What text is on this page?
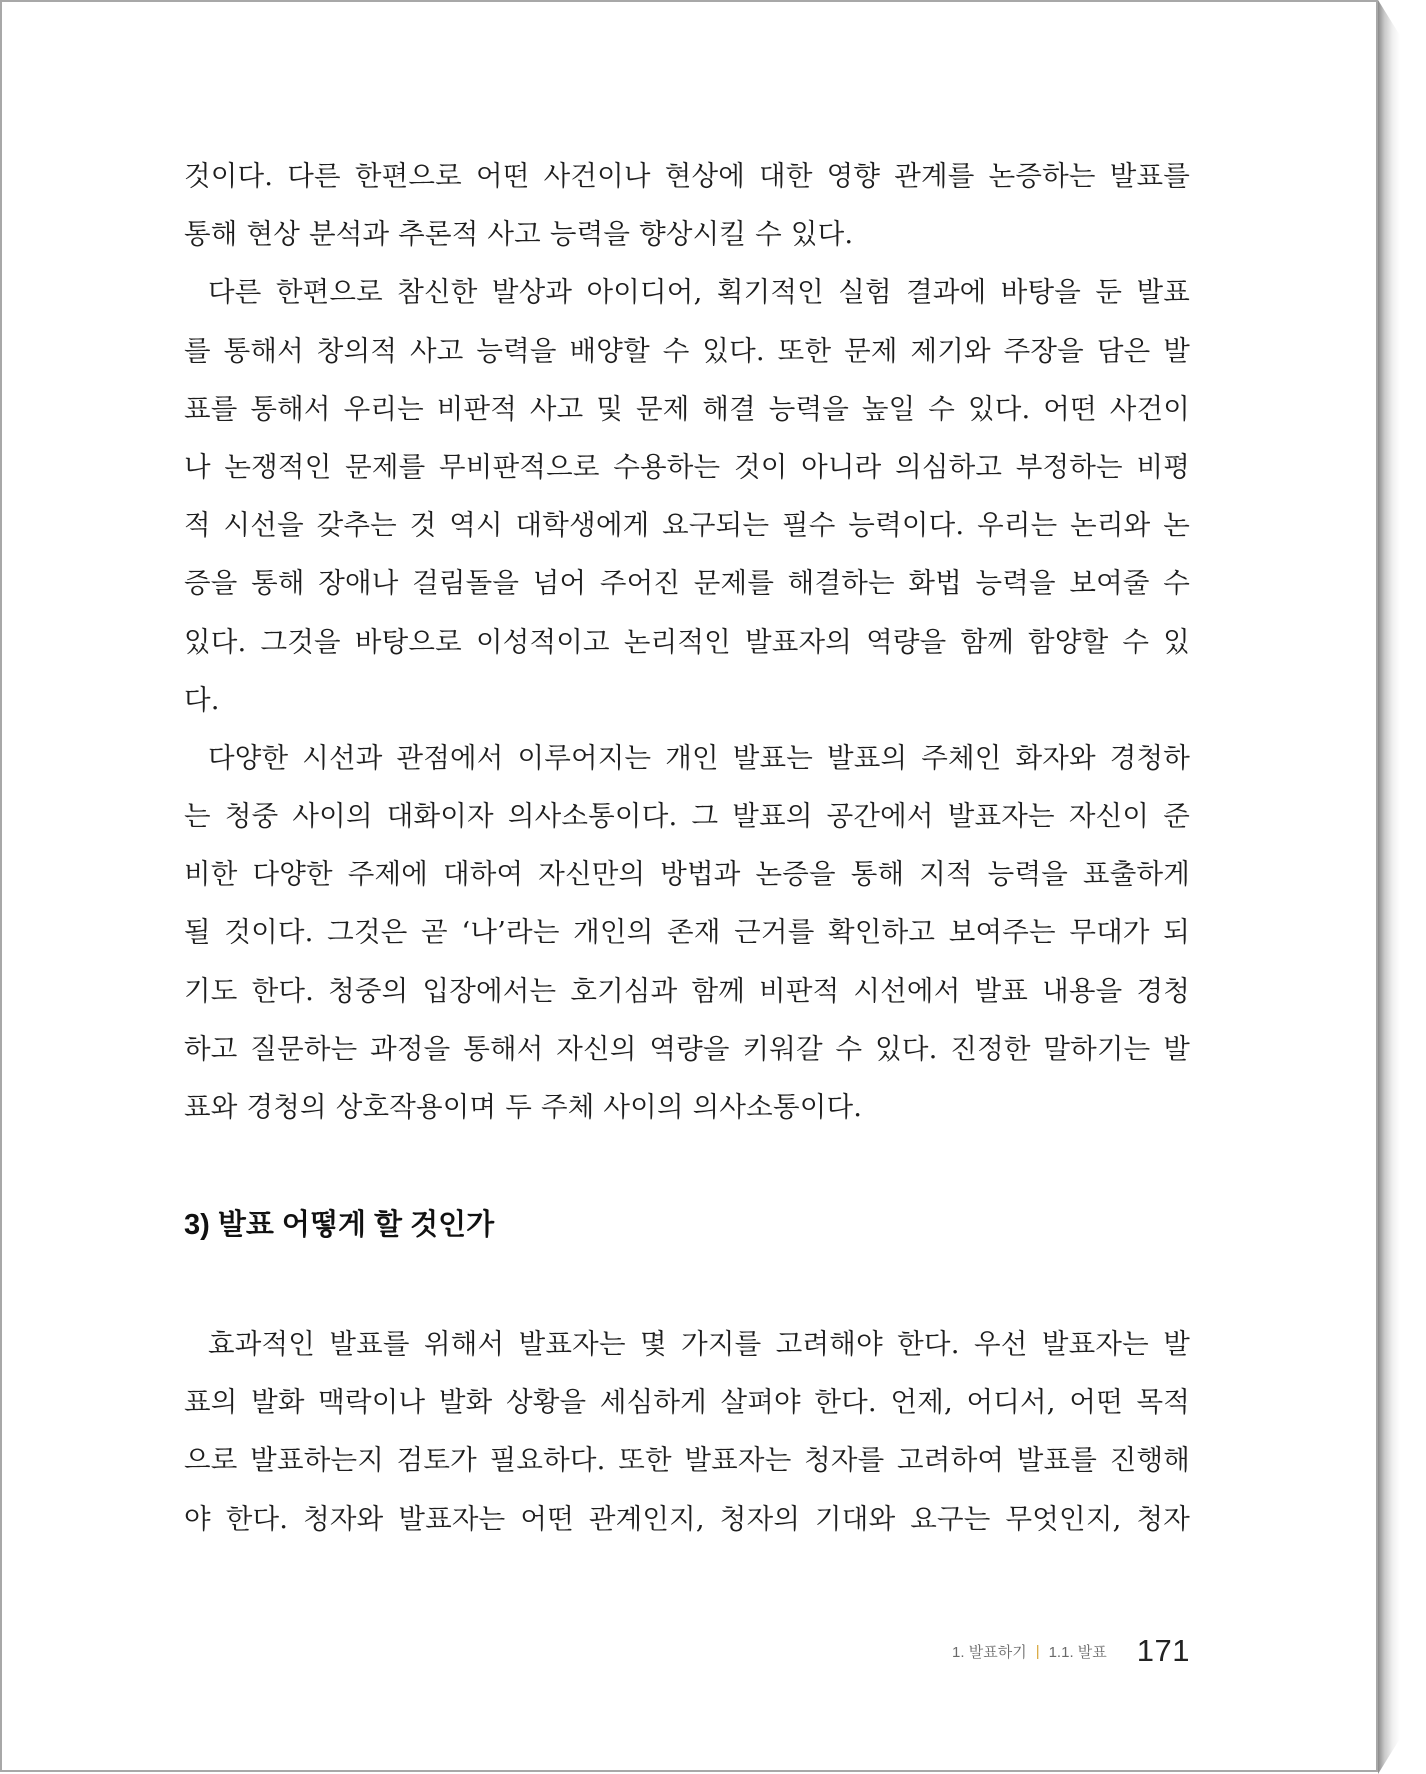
것이다. 다른 한편으로 어떤 사건이나 현상에 대한 영향 관계를 논증하는 발표를
통해 현상 분석과 추론적 사고 능력을 향상시킬 수 있다.
다른 한편으로 참신한 발상과 아이디어, 획기적인 실험 결과에 바탕을 둔 발표
를 통해서 창의적 사고 능력을 배양할 수 있다. 또한 문제 제기와 주장을 담은 발
표를 통해서 우리는 비판적 사고 및 문제 해결 능력을 높일 수 있다. 어떤 사건이
나 논쟁적인 문제를 무비판적으로 수용하는 것이 아니라 의심하고 부정하는 비평
적 시선을 갖추는 것 역시 대학생에게 요구되는 필수 능력이다. 우리는 논리와 논
증을 통해 장애나 걸림돌을 넘어 주어진 문제를 해결하는 화법 능력을 보여줄 수
있다. 그것을 바탕으로 이성적이고 논리적인 발표자의 역량을 함께 함양할 수 있
다.
다양한 시선과 관점에서 이루어지는 개인 발표는 발표의 주체인 화자와 경청하
는 청중 사이의 대화이자 의사소통이다. 그 발표의 공간에서 발표자는 자신이 준
비한 다양한 주제에 대하여 자신만의 방법과 논증을 통해 지적 능력을 표출하게
될 것이다. 그것은 곧 ‘나’라는 개인의 존재 근거를 확인하고 보여주는 무대가 되
기도 한다. 청중의 입장에서는 호기심과 함께 비판적 시선에서 발표 내용을 경청
하고 질문하는 과정을 통해서 자신의 역량을 키워갈 수 있다. 진정한 말하기는 발
표와 경청의 상호작용이며 두 주체 사이의 의사소통이다.
3) 발표 어떻게 할 것인가
효과적인 발표를 위해서 발표자는 몇 가지를 고려해야 한다. 우선 발표자는 발
표의 발화 맥락이나 발화 상황을 세심하게 살펴야 한다. 언제, 어디서, 어떤 목적
으로 발표하는지 검토가 필요하다. 또한 발표자는 청자를 고려하여 발표를 진행해
야 한다. 청자와 발표자는 어떤 관계인지, 청자의 기대와 요구는 무엇인지, 청자
1. 발표하기 | 1.1. 발표 171
